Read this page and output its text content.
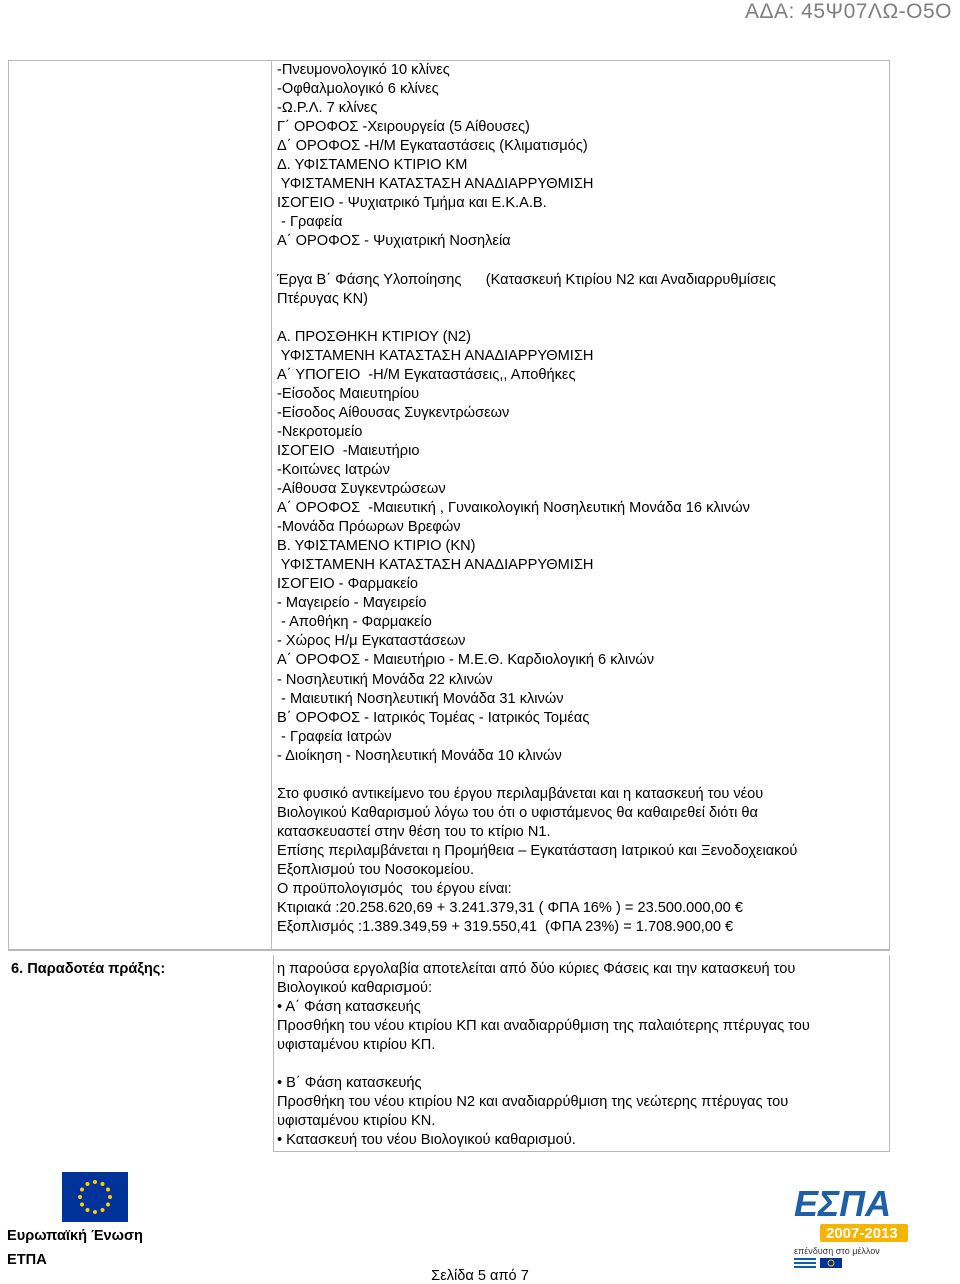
ΑΔΑ: 45Ψ07ΛΩ-Ο5Ο
-Πνευμονολογικό 10 κλίνες
-Οφθαλμολογικό 6 κλίνες
-Ω.Ρ.Λ. 7 κλίνες
Γ΄ ΟΡΟΦΟΣ -Χειρουργεία (5 Αίθουσες)
Δ΄ ΟΡΟΦΟΣ -Η/Μ Εγκαταστάσεις (Κλιματισμός)
Δ. ΥΦΙΣΤΑΜΕΝΟ ΚΤΙΡΙΟ ΚΜ
ΥΦΙΣΤΑΜΕΝΗ ΚΑΤΑΣΤΑΣΗ ΑΝΑΔΙΑΡΡΥΘΜΙΣΗ
ΙΣΟΓΕΙΟ - Ψυχιατρικό Τμήμα και Ε.Κ.Α.Β.
- Γραφεία
Α΄ ΟΡΟΦΟΣ - Ψυχιατρική Νοσηλεία
Έργα Β΄ Φάσης Υλοποίησης      (Κατασκευή Κτιρίου Ν2 και Αναδιαρρυθμίσεις
Πτέρυγας ΚΝ)
Α. ΠΡΟΣΘΗΚΗ ΚΤΙΡΙΟΥ (Ν2)
ΥΦΙΣΤΑΜΕΝΗ ΚΑΤΑΣΤΑΣΗ ΑΝΑΔΙΑΡΡΥΘΜΙΣΗ
Α΄ ΥΠΟΓΕΙΟ  -Η/Μ Εγκαταστάσεις,, Αποθήκες
-Είσοδος Μαιευτηρίου
-Είσοδος Αίθουσας Συγκεντρώσεων
-Νεκροτομείο
ΙΣΟΓΕΙΟ  -Μαιευτήριο
-Κοιτώνες Ιατρών
-Αίθουσα Συγκεντρώσεων
Α΄ ΟΡΟΦΟΣ  -Μαιευτική , Γυναικολογική Νοσηλευτική Μονάδα 16 κλινών
-Μονάδα Πρόωρων Βρεφών
Β. ΥΦΙΣΤΑΜΕΝΟ ΚΤΙΡΙΟ (ΚΝ)
ΥΦΙΣΤΑΜΕΝΗ ΚΑΤΑΣΤΑΣΗ ΑΝΑΔΙΑΡΡΥΘΜΙΣΗ
ΙΣΟΓΕΙΟ - Φαρμακείο
- Μαγειρείο - Μαγειρείο
- Αποθήκη - Φαρμακείο
- Χώρος Η/μ Εγκαταστάσεων
Α΄ ΟΡΟΦΟΣ - Μαιευτήριο - Μ.Ε.Θ. Καρδιολογική 6 κλινών
- Νοσηλευτική Μονάδα 22 κλινών
- Μαιευτική Νοσηλευτική Μονάδα 31 κλινών
Β΄ ΟΡΟΦΟΣ - Ιατρικός Τομέας - Ιατρικός Τομέας
- Γραφεία Ιατρών
- Διοίκηση - Νοσηλευτική Μονάδα 10 κλινών
Στο φυσικό αντικείμενο του έργου περιλαμβάνεται και η κατασκευή του νέου
Βιολογικού Καθαρισμού λόγω του ότι ο υφιστάμενος θα καθαιρεθεί διότι θα
κατασκευαστεί στην θέση του το κτίριο Ν1.
Επίσης περιλαμβάνεται η Προμήθεια – Εγκατάσταση Ιατρικού και Ξενοδοχειακού
Εξοπλισμού του Νοσοκομείου.
Ο προϋπολογισμός  του έργου είναι:
Κτιριακά :20.258.620,69 + 3.241.379,31 ( ΦΠΑ 16% ) = 23.500.000,00 €
Εξοπλισμός :1.389.349,59 + 319.550,41  (ΦΠΑ 23%) = 1.708.900,00 €
6. Παραδοτέα πράξης:	η παρούσα εργολαβία αποτελείται από δύο κύριες Φάσεις και την κατασκευή του
Βιολογικού καθαρισμού:
• Α΄ Φάση κατασκευής
Προσθήκη του νέου κτιρίου ΚΠ και αναδιαρρύθμιση της παλαιότερης πτέρυγας του
υφισταμένου κτιρίου ΚΠ.
• Β΄ Φάση κατασκευής
Προσθήκη του νέου κτιρίου Ν2 και αναδιαρρύθμιση της νεώτερης πτέρυγας του
υφισταμένου κτιρίου ΚΝ.
• Κατασκευή του νέου Βιολογικού καθαρισμού.
Ευρωπαϊκή Ένωση
ΕΤΠΑ
ΕΣΠΑ
2007-2013
επένδυση στο μέλλον
Σελίδα 5 από 7
